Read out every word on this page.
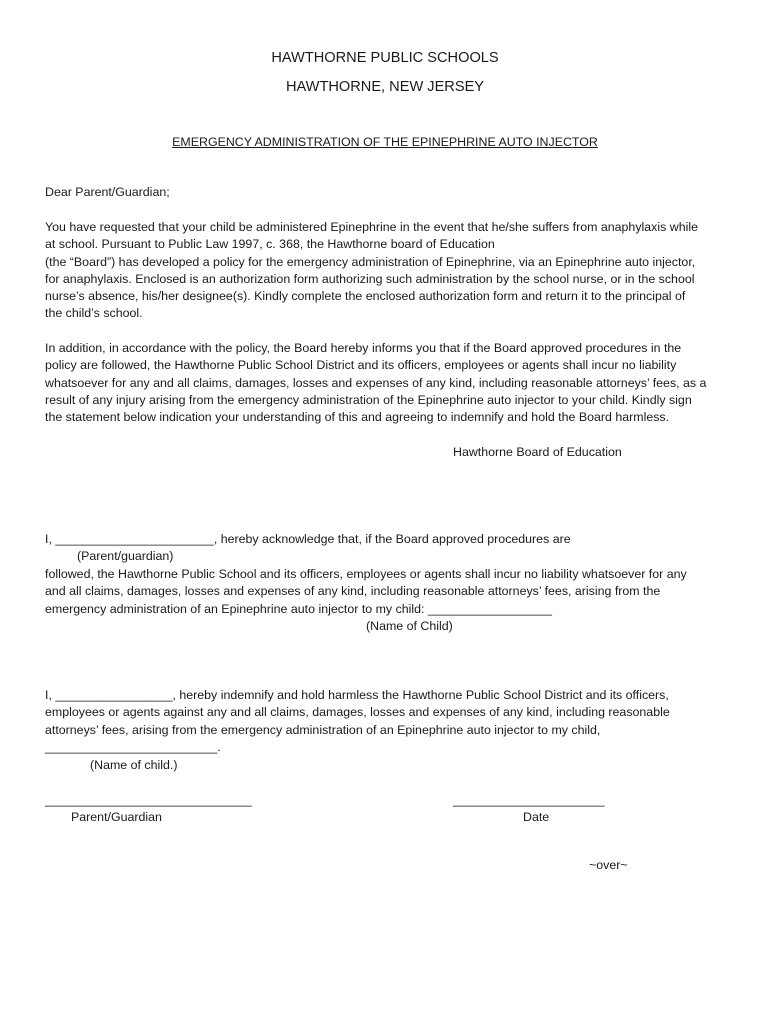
HAWTHORNE PUBLIC SCHOOLS
HAWTHORNE, NEW JERSEY
EMERGENCY ADMINISTRATION OF THE EPINEPHRINE AUTO INJECTOR
Dear Parent/Guardian;
You have requested that your child be administered Epinephrine in the event that he/she suffers from anaphylaxis while
at school. Pursuant to Public Law 1997, c. 368, the Hawthorne board of Education
(the “Board”) has developed a policy for the emergency administration of Epinephrine, via an Epinephrine auto injector,
for anaphylaxis. Enclosed is an authorization form authorizing such administration by the school nurse, or in the school
nurse’s absence, his/her designee(s). Kindly complete the enclosed authorization form and return it to the principal of
the child’s school.
In addition, in accordance with the policy, the Board hereby informs you that if the Board approved procedures in the
policy are followed, the Hawthorne Public School District and its officers, employees or agents shall incur no liability
whatsoever for any and all claims, damages, losses and expenses of any kind, including reasonable attorneys’ fees, as a
result of any injury arising from the emergency administration of the Epinephrine auto injector to your child. Kindly sign
the statement below indication your understanding of this and agreeing to indemnify and hold the Board harmless.
Hawthorne Board of Education
I, _______________________, hereby acknowledge that, if the Board approved procedures are
(Parent/guardian)
followed, the Hawthorne Public School and its officers, employees or agents shall incur no liability whatsoever for any
and all claims, damages, losses and expenses of any kind, including reasonable attorneys’ fees, arising from the
emergency administration of an Epinephrine auto injector to my child: __________________
(Name of Child)
I, _________________, hereby indemnify and hold harmless the Hawthorne Public School District and its officers,
employees or agents against any and all claims, damages, losses and expenses of any kind, including reasonable
attorneys’ fees, arising from the emergency administration of an Epinephrine auto injector to my child,
_________________________.
(Name of child.)
______________________________
Parent/Guardian
______________________
Date
~over~
